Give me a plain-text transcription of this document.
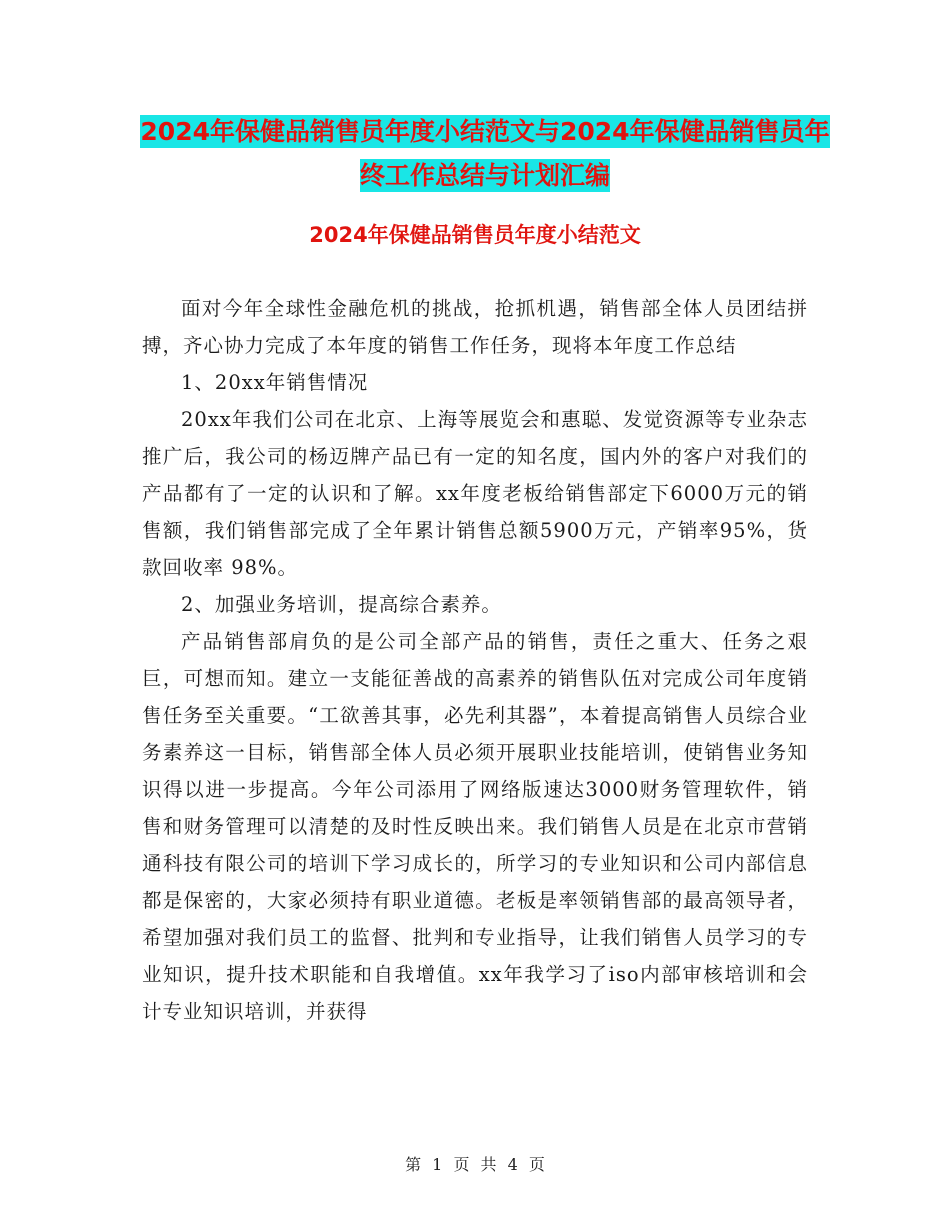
2024年保健品销售员年度小结范文与2024年保健品销售员年终工作总结与计划汇编
2024年保健品销售员年度小结范文

面对今年全球性金融危机的挑战，抢抓机遇，销售部全体人员团结拼搏，齐心协力完成了本年度的销售工作任务，现将本年度工作总结

1、20xx年销售情况

20xx年我们公司在北京、上海等展览会和惠聪、发觉资源等专业杂志推广后，我公司的杨迈牌产品已有一定的知名度，国内外的客户对我们的产品都有了一定的认识和了解。xx年度老板给销售部定下6000万元的销售额，我们销售部完成了全年累计销售总额5900万元，产销率95%，货款回收率 98%。

2、加强业务培训，提高综合素养。

产品销售部肩负的是公司全部产品的销售，责任之重大、任务之艰巨，可想而知。建立一支能征善战的高素养的销售队伍对完成公司年度销售任务至关重要。“工欲善其事，必先利其器”，本着提高销售人员综合业务素养这一目标，销售部全体人员必须开展职业技能培训，使销售业务知识得以进一步提高。今年公司添用了网络版速达3000财务管理软件，销售和财务管理可以清楚的及时性反映出来。我们销售人员是在北京市营销通科技有限公司的培训下学习成长的，所学习的专业知识和公司内部信息都是保密的，大家必须持有职业道德。老板是率领销售部的最高领导者，希望加强对我们员工的监督、批判和专业指导，让我们销售人员学习的专业知识，提升技术职能和自我增值。xx年我学习了iso内部审核培训和会计专业知识培训，并获得

第 1 页 共 4 页
